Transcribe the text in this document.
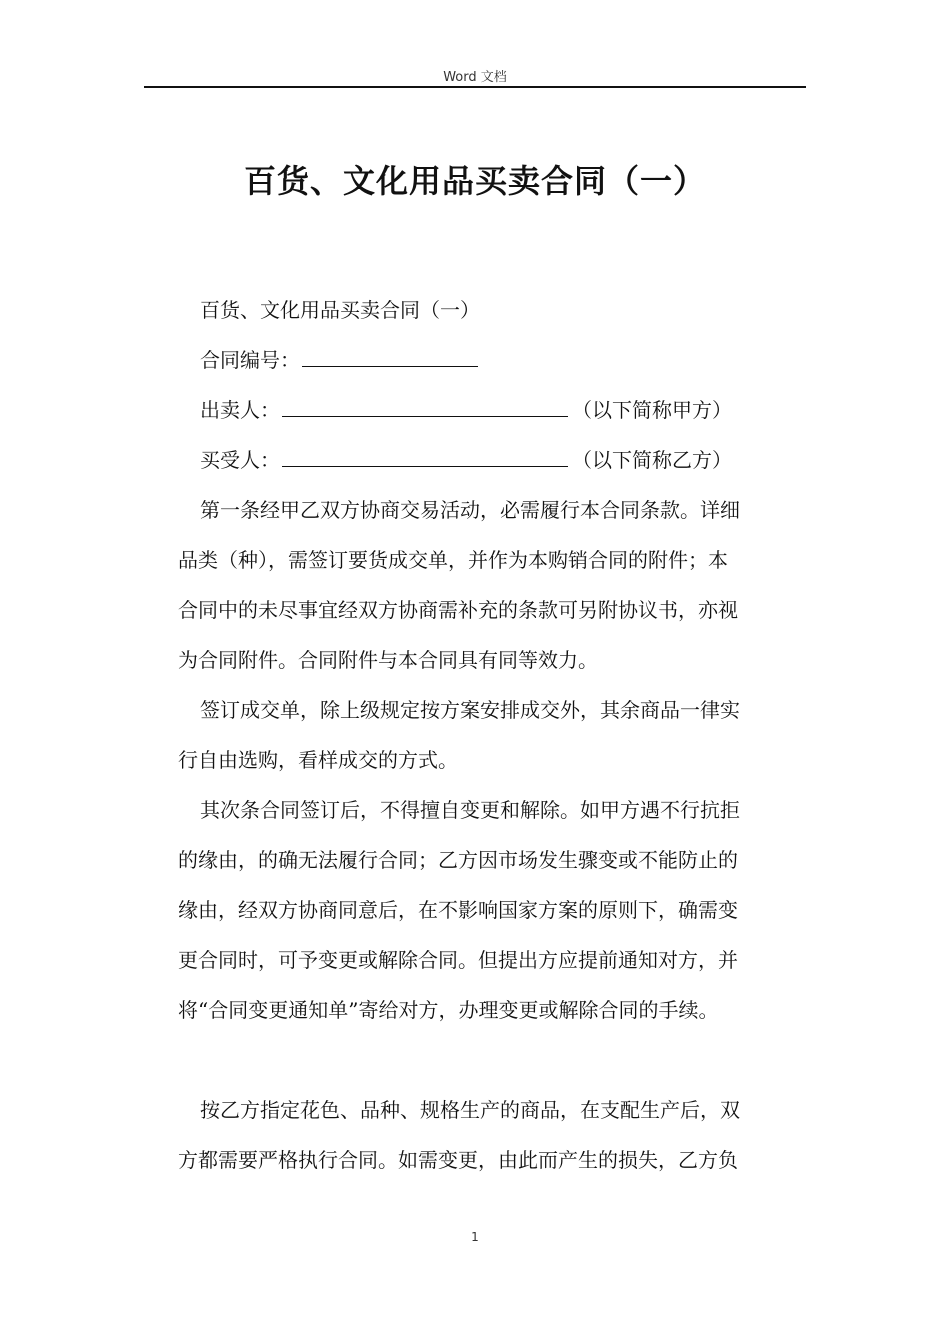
Word 文档
百货、文化用品买卖合同（一）
百货、文化用品买卖合同（一）
合同编号：
出卖人：	（以下简称甲方）
买受人：	（以下简称乙方）
第一条经甲乙双方协商交易活动，必需履行本合同条款。详细
品类（种），需签订要货成交单，并作为本购销合同的附件；本
合同中的未尽事宜经双方协商需补充的条款可另附协议书，亦视
为合同附件。合同附件与本合同具有同等效力。
签订成交单，除上级规定按方案安排成交外，其余商品一律实
行自由选购，看样成交的方式。
其次条合同签订后，不得擅自变更和解除。如甲方遇不行抗拒
的缘由，的确无法履行合同；乙方因市场发生骤变或不能防止的
缘由，经双方协商同意后，在不影响国家方案的原则下，确需变
更合同时，可予变更或解除合同。但提出方应提前通知对方，并
将“合同变更通知单”寄给对方，办理变更或解除合同的手续。
按乙方指定花色、品种、规格生产的商品，在支配生产后，双
方都需要严格执行合同。如需变更，由此而产生的损失，乙方负
1
